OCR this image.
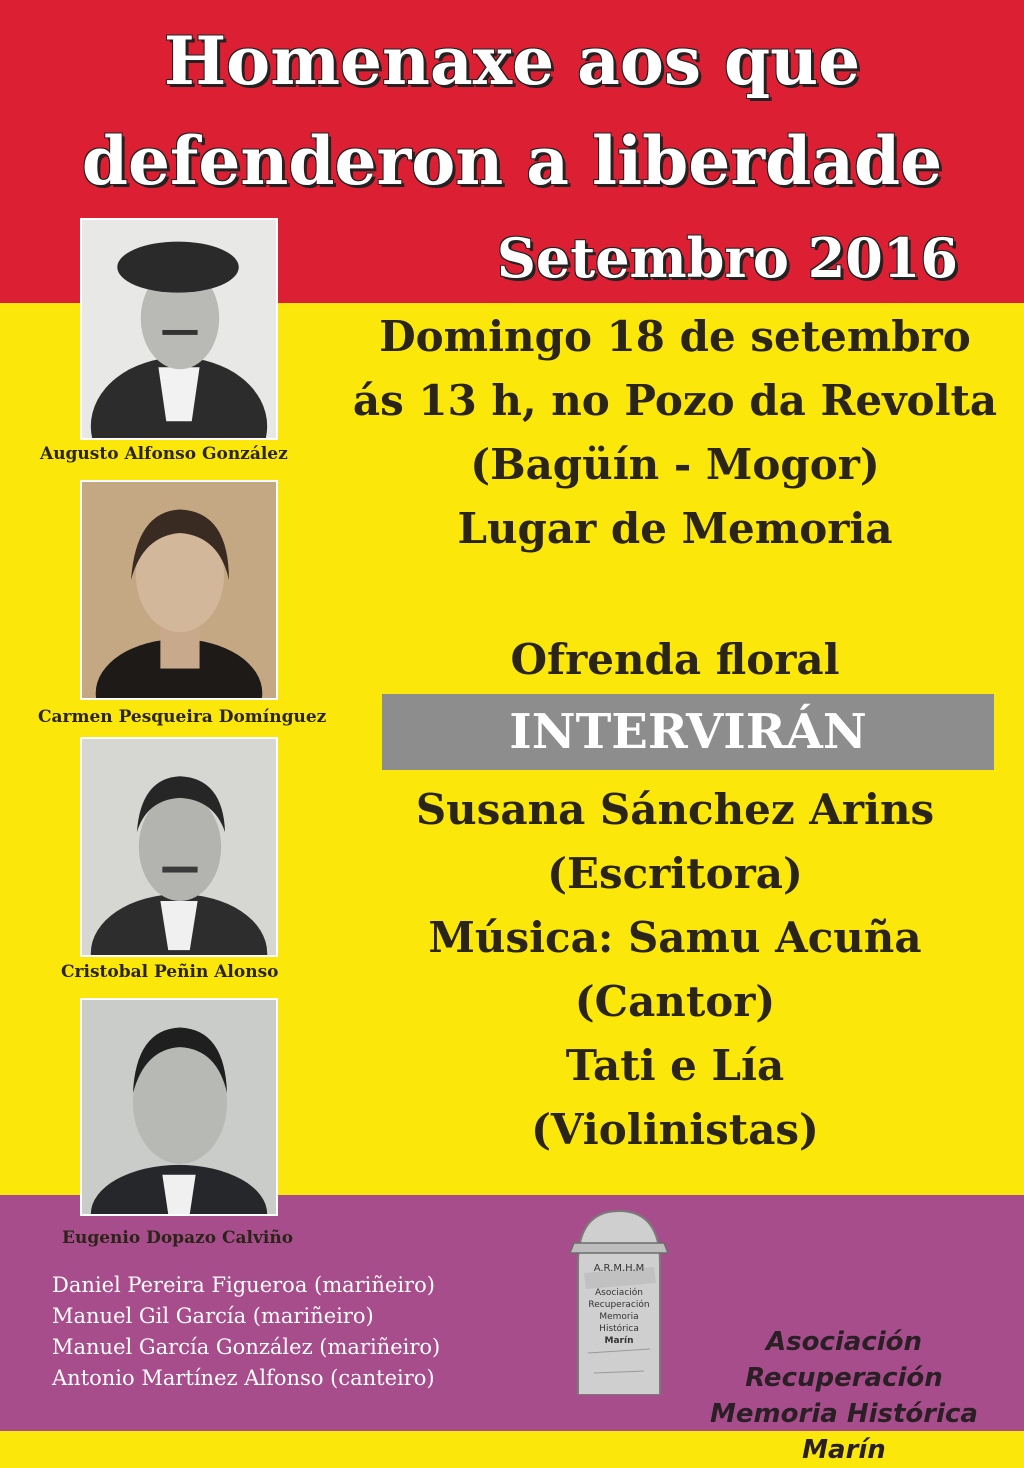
Homenaxe aos que
defenderon a liberdade
Setembro 2016
Domingo 18 de setembro
ás 13 h, no Pozo da Revolta
(Bagüín - Mogor)
Lugar de Memoria
Ofrenda floral
INTERVIRÁN
Susana Sánchez Arins
(Escritora)
Música: Samu Acuña
(Cantor)
Tati e Lía
(Violinistas)
Augusto Alfonso González
Carmen Pesqueira Domínguez
Cristobal Peñin Alonso
Eugenio Dopazo Calviño
Daniel Pereira Figueroa (mariñeiro)
Manuel Gil García (mariñeiro)
Manuel García González (mariñeiro)
Antonio Martínez Alfonso (canteiro)
A.R.M.H.M
Asociación
Recuperación
Memoria
Histórica
Marín	Asociación Recuperación
Memoria Histórica Marín
